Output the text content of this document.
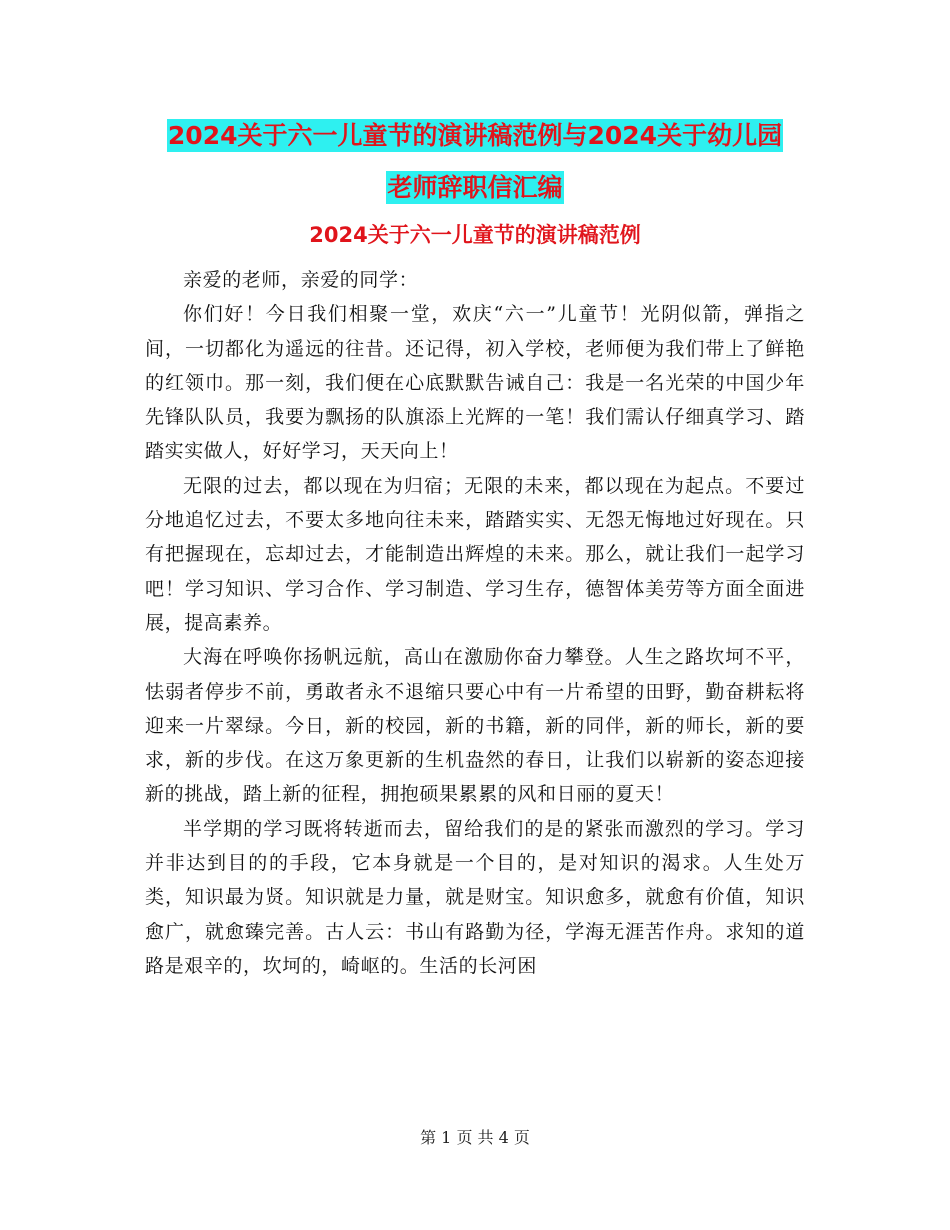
2024关于六一儿童节的演讲稿范例与2024关于幼儿园
老师辞职信汇编
2024关于六一儿童节的演讲稿范例

亲爱的老师，亲爱的同学：

你们好！今日我们相聚一堂，欢庆“六一”儿童节！光阴似箭，弹指之间，一切都化为遥远的往昔。还记得，初入学校，老师便为我们带上了鲜艳的红领巾。那一刻，我们便在心底默默告诫自己：我是一名光荣的中国少年先锋队队员，我要为飘扬的队旗添上光辉的一笔！我们需认仔细真学习、踏踏实实做人，好好学习，天天向上！

无限的过去，都以现在为归宿；无限的未来，都以现在为起点。不要过分地追忆过去，不要太多地向往未来，踏踏实实、无怨无悔地过好现在。只有把握现在，忘却过去，才能制造出辉煌的未来。那么，就让我们一起学习吧！学习知识、学习合作、学习制造、学习生存，德智体美劳等方面全面进展，提高素养。

大海在呼唤你扬帆远航，高山在激励你奋力攀登。人生之路坎坷不平，怯弱者停步不前，勇敢者永不退缩只要心中有一片希望的田野，勤奋耕耘将迎来一片翠绿。今日，新的校园，新的书籍，新的同伴，新的师长，新的要求，新的步伐。在这万象更新的生机盎然的春日，让我们以崭新的姿态迎接新的挑战，踏上新的征程，拥抱硕果累累的风和日丽的夏天！

半学期的学习既将转逝而去，留给我们的是的紧张而激烈的学习。学习并非达到目的的手段，它本身就是一个目的，是对知识的渴求。人生处万类，知识最为贤。知识就是力量，就是财宝。知识愈多，就愈有价值，知识愈广，就愈臻完善。古人云：书山有路勤为径，学海无涯苦作舟。求知的道路是艰辛的，坎坷的，崎岖的。生活的长河困

第 1 页 共 4 页
